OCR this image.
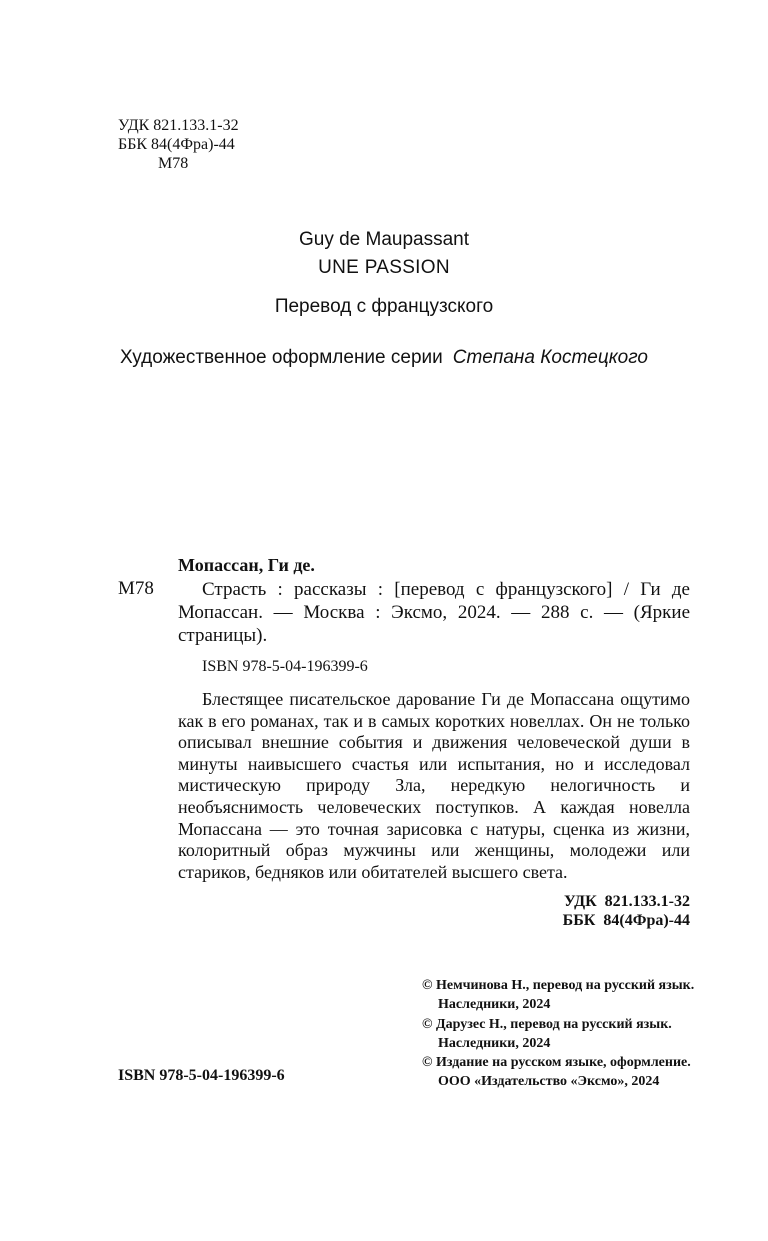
УДК 821.133.1-32
ББК 84(4Фра)-44
М78
Guy de Maupassant
UNE PASSION
Перевод с французского
Художественное оформление серии Степана Костецкого
Мопассан, Ги де.
М78	Страсть : рассказы : [перевод с французского] / Ги де Мопассан. — Москва : Эксмо, 2024. — 288 с. — (Яркие страницы).
ISBN 978-5-04-196399-6
Блестящее писательское дарование Ги де Мопассана ощутимо как в его романах, так и в самых коротких новеллах. Он не только описывал внешние события и движения человеческой души в минуты наивысшего счастья или испытания, но и исследовал мистическую природу Зла, нередкую нелогичность и необъяснимость человеческих поступков. А каждая новелла Мопассана — это точная зарисовка с натуры, сценка из жизни, колоритный образ мужчины или женщины, молодежи или стариков, бедняков или обитателей высшего света.
УДК  821.133.1-32
ББК  84(4Фра)-44
© Немчинова Н., перевод на русский язык.
Наследники, 2024
© Дарузес Н., перевод на русский язык.
Наследники, 2024
© Издание на русском языке, оформление.
ООО «Издательство «Эксмо», 2024
ISBN 978-5-04-196399-6
